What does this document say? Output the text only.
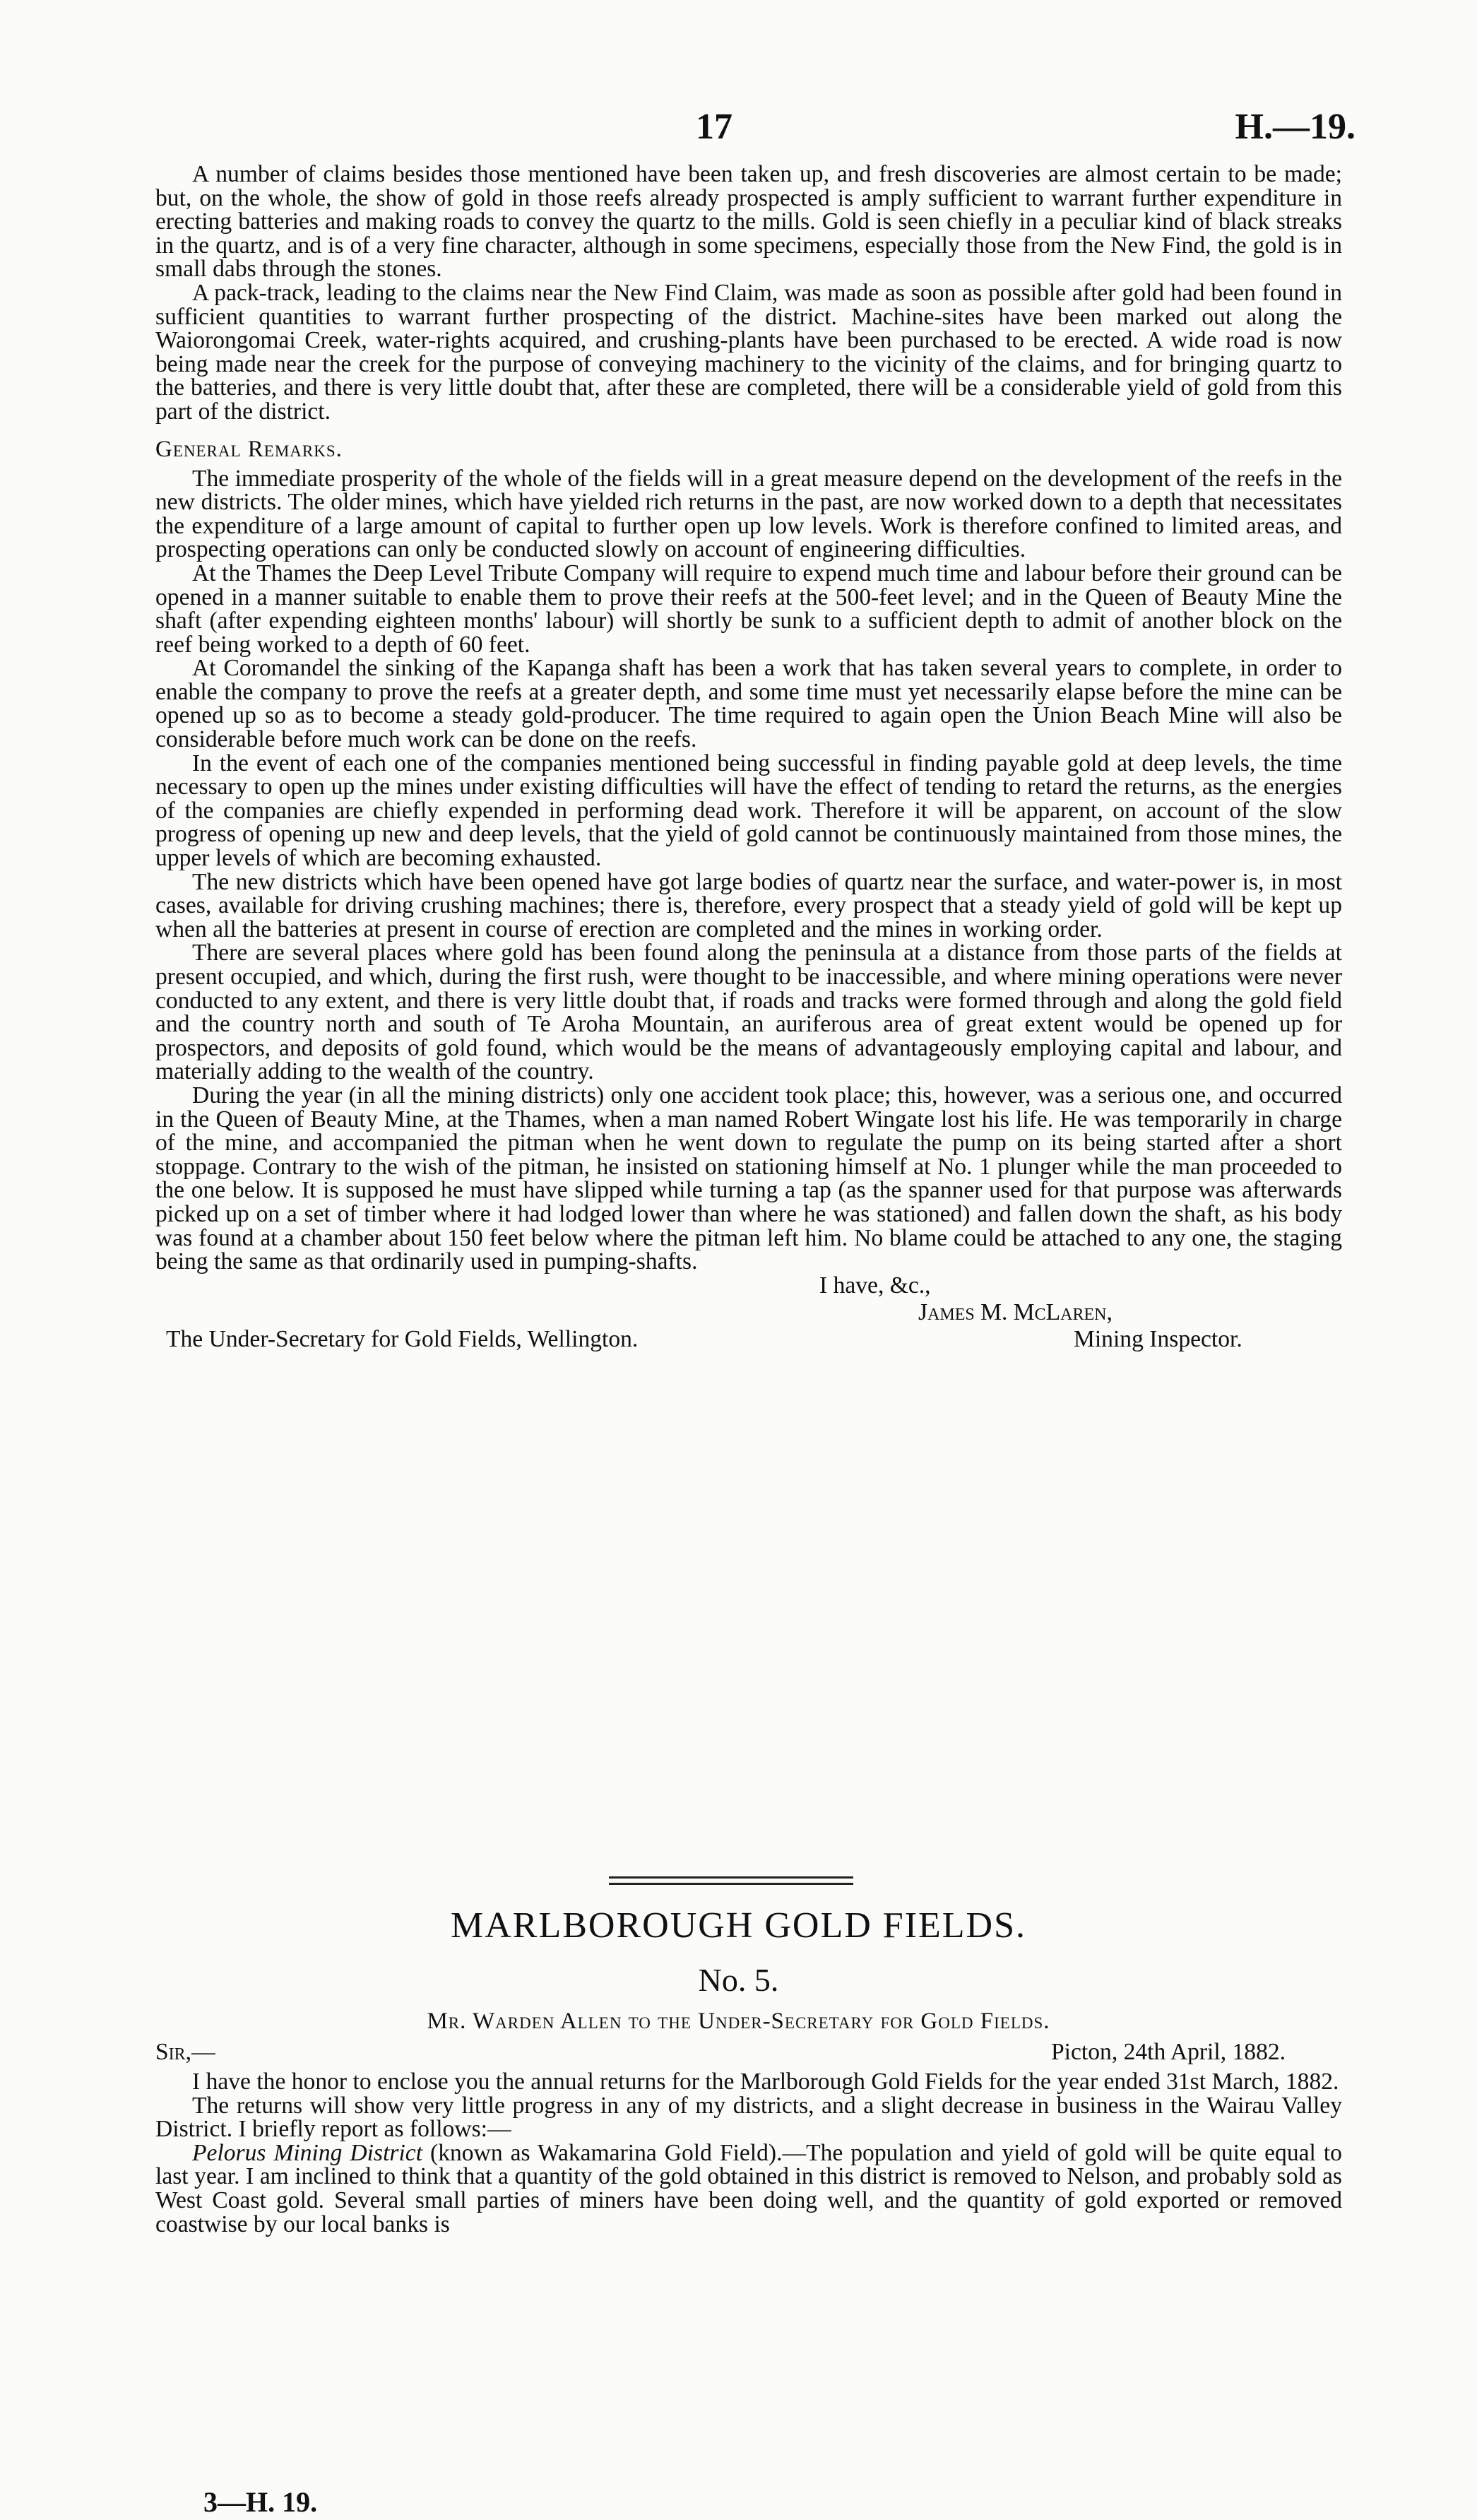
17	H.—19.

A number of claims besides those mentioned have been taken up, and fresh discoveries are almost certain to be made; but, on the whole, the show of gold in those reefs already prospected is amply sufficient to warrant further expenditure in erecting batteries and making roads to convey the quartz to the mills. Gold is seen chiefly in a peculiar kind of black streaks in the quartz, and is of a very fine character, although in some specimens, especially those from the New Find, the gold is in small dabs through the stones.

A pack-track, leading to the claims near the New Find Claim, was made as soon as possible after gold had been found in sufficient quantities to warrant further prospecting of the district. Machine-sites have been marked out along the Waiorongomai Creek, water-rights acquired, and crushing-plants have been purchased to be erected. A wide road is now being made near the creek for the purpose of conveying machinery to the vicinity of the claims, and for bringing quartz to the batteries, and there is very little doubt that, after these are completed, there will be a considerable yield of gold from this part of the district.

General Remarks.

The immediate prosperity of the whole of the fields will in a great measure depend on the development of the reefs in the new districts. The older mines, which have yielded rich returns in the past, are now worked down to a depth that necessitates the expenditure of a large amount of capital to further open up low levels. Work is therefore confined to limited areas, and prospecting operations can only be conducted slowly on account of engineering difficulties.

At the Thames the Deep Level Tribute Company will require to expend much time and labour before their ground can be opened in a manner suitable to enable them to prove their reefs at the 500-feet level; and in the Queen of Beauty Mine the shaft (after expending eighteen months' labour) will shortly be sunk to a sufficient depth to admit of another block on the reef being worked to a depth of 60 feet.

At Coromandel the sinking of the Kapanga shaft has been a work that has taken several years to complete, in order to enable the company to prove the reefs at a greater depth, and some time must yet necessarily elapse before the mine can be opened up so as to become a steady gold-producer. The time required to again open the Union Beach Mine will also be considerable before much work can be done on the reefs.

In the event of each one of the companies mentioned being successful in finding payable gold at deep levels, the time necessary to open up the mines under existing difficulties will have the effect of tending to retard the returns, as the energies of the companies are chiefly expended in performing dead work. Therefore it will be apparent, on account of the slow progress of opening up new and deep levels, that the yield of gold cannot be continuously maintained from those mines, the upper levels of which are becoming exhausted.

The new districts which have been opened have got large bodies of quartz near the surface, and water-power is, in most cases, available for driving crushing machines; there is, therefore, every prospect that a steady yield of gold will be kept up when all the batteries at present in course of erection are completed and the mines in working order.

There are several places where gold has been found along the peninsula at a distance from those parts of the fields at present occupied, and which, during the first rush, were thought to be inaccessible, and where mining operations were never conducted to any extent, and there is very little doubt that, if roads and tracks were formed through and along the gold field and the country north and south of Te Aroha Mountain, an auriferous area of great extent would be opened up for prospectors, and deposits of gold found, which would be the means of advantageously employing capital and labour, and materially adding to the wealth of the country.

During the year (in all the mining districts) only one accident took place; this, however, was a serious one, and occurred in the Queen of Beauty Mine, at the Thames, when a man named Robert Wingate lost his life. He was temporarily in charge of the mine, and accompanied the pitman when he went down to regulate the pump on its being started after a short stoppage. Contrary to the wish of the pitman, he insisted on stationing himself at No. 1 plunger while the man proceeded to the one below. It is supposed he must have slipped while turning a tap (as the spanner used for that purpose was afterwards picked up on a set of timber where it had lodged lower than where he was stationed) and fallen down the shaft, as his body was found at a chamber about 150 feet below where the pitman left him. No blame could be attached to any one, the staging being the same as that ordinarily used in pumping-shafts.

I have, &c.,
James M. McLaren,
The Under-Secretary for Gold Fields, Wellington.	Mining Inspector.
MARLBOROUGH GOLD FIELDS.
No. 5.
Mr. Warden Allen to the Under-Secretary for Gold Fields.
Sir,—	Picton, 24th April, 1882.

I have the honor to enclose you the annual returns for the Marlborough Gold Fields for the year ended 31st March, 1882.

The returns will show very little progress in any of my districts, and a slight decrease in business in the Wairau Valley District. I briefly report as follows:—

Pelorus Mining District (known as Wakamarina Gold Field).—The population and yield of gold will be quite equal to last year. I am inclined to think that a quantity of the gold obtained in this district is removed to Nelson, and probably sold as West Coast gold. Several small parties of miners have been doing well, and the quantity of gold exported or removed coastwise by our local banks is

3—H. 19.
